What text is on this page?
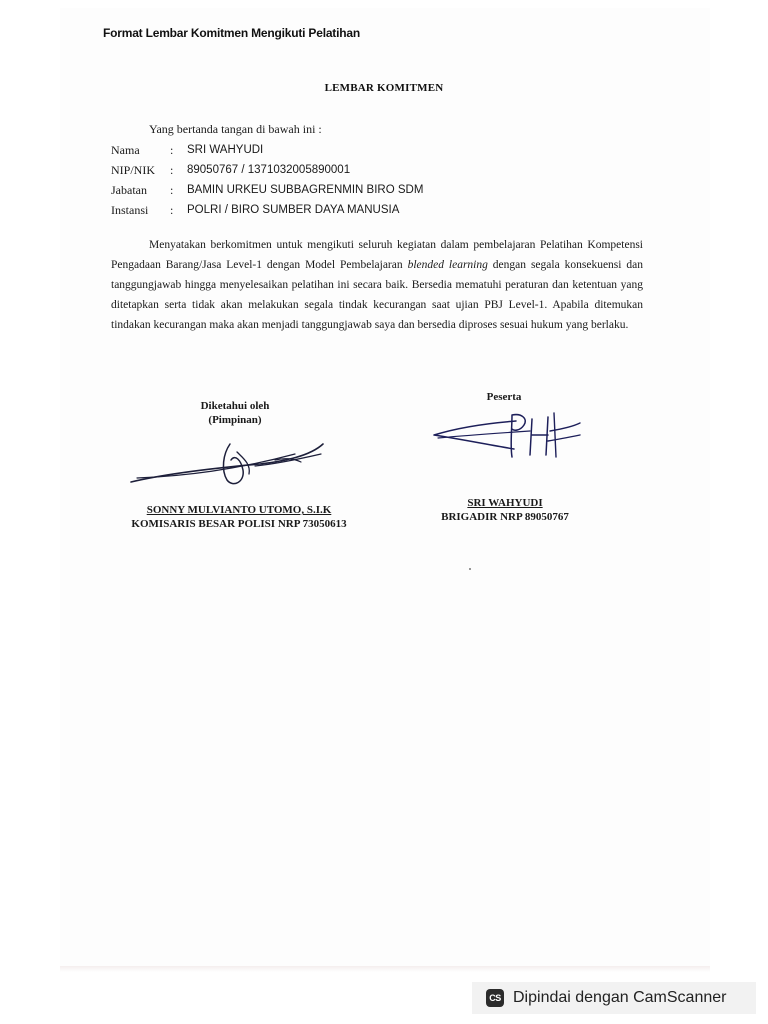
Format Lembar Komitmen Mengikuti Pelatihan
LEMBAR KOMITMEN
Yang bertanda tangan di bawah ini :
Nama	:	SRI WAHYUDI
NIP/NIK	:	89050767 / 1371032005890001
Jabatan	:	BAMIN URKEU SUBBAGRENMIN BIRO SDM
Instansi	:	POLRI / BIRO SUMBER DAYA MANUSIA

Menyatakan berkomitmen untuk mengikuti seluruh kegiatan dalam pembelajaran Pelatihan Kompetensi Pengadaan Barang/Jasa Level-1 dengan Model Pembelajaran blended learning dengan segala konsekuensi dan tanggungjawab hingga menyelesaikan pelatihan ini secara baik. Bersedia mematuhi peraturan dan ketentuan yang ditetapkan serta tidak akan melakukan segala tindak kecurangan saat ujian PBJ Level-1. Apabila ditemukan tindakan kecurangan maka akan menjadi tanggungjawab saya dan bersedia diproses sesuai hukum yang berlaku.

Diketahui oleh
(Pimpinan)
Peserta
SONNY MULVIANTO UTOMO, S.I.K
KOMISARIS BESAR POLISI NRP 73050613
SRI WAHYUDI
BRIGADIR NRP 89050767
CS Dipindai dengan CamScanner
